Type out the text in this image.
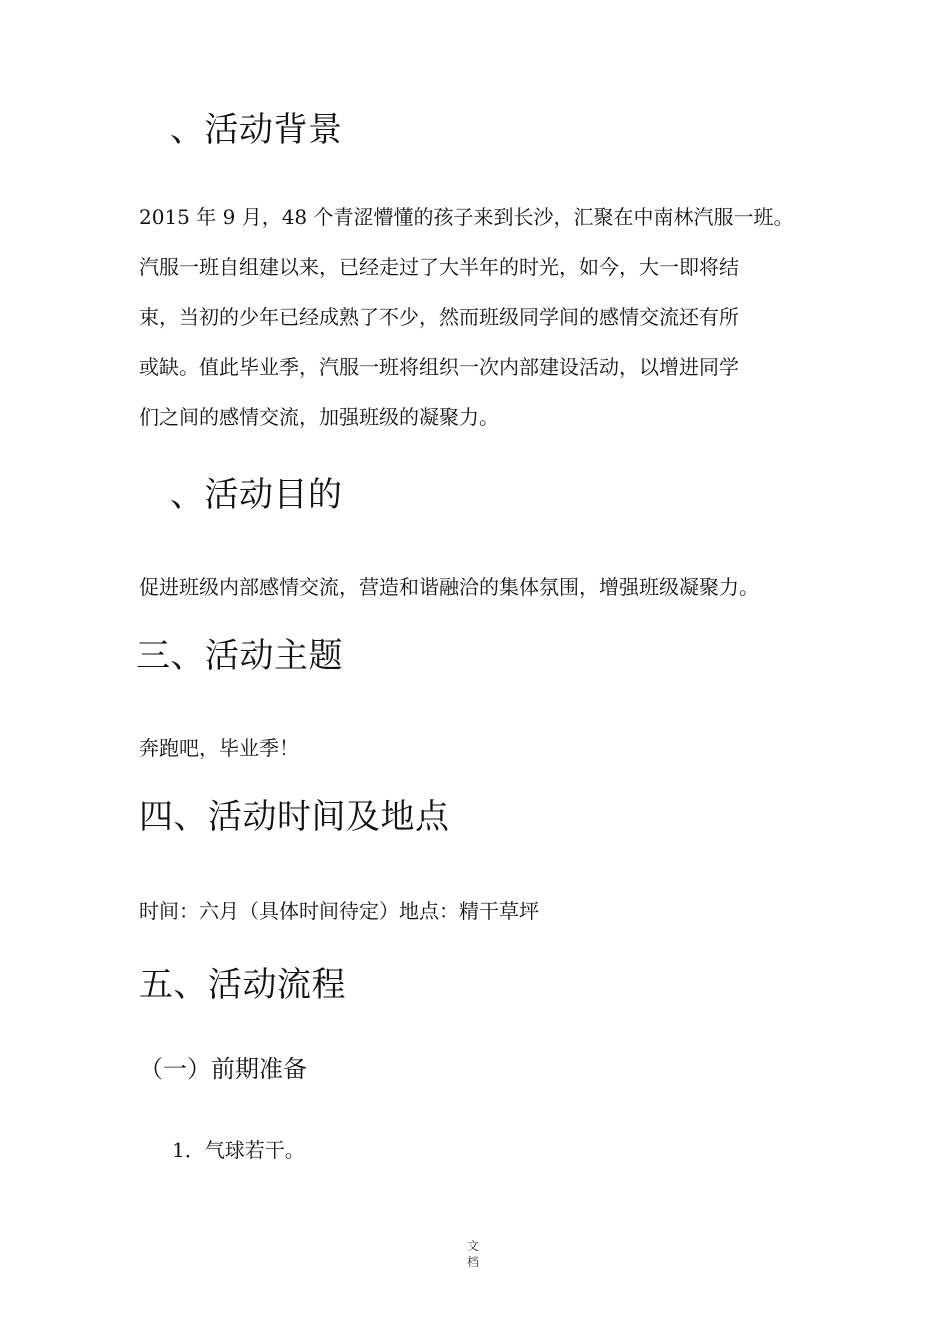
、活动背景
2015 年 9 月，48 个青涩懵懂的孩子来到长沙，汇聚在中南林汽服一班。
汽服一班自组建以来，已经走过了大半年的时光，如今，大一即将结
束，当初的少年已经成熟了不少，然而班级同学间的感情交流还有所
或缺。值此毕业季，汽服一班将组织一次内部建设活动，以增进同学
们之间的感情交流，加强班级的凝聚力。
、活动目的
促进班级内部感情交流，营造和谐融洽的集体氛围，增强班级凝聚力。
三、活动主题
奔跑吧，毕业季！
四、活动时间及地点
时间：六月（具体时间待定）地点：精干草坪
五、活动流程
（一）前期准备
1．气球若干。
文
档
